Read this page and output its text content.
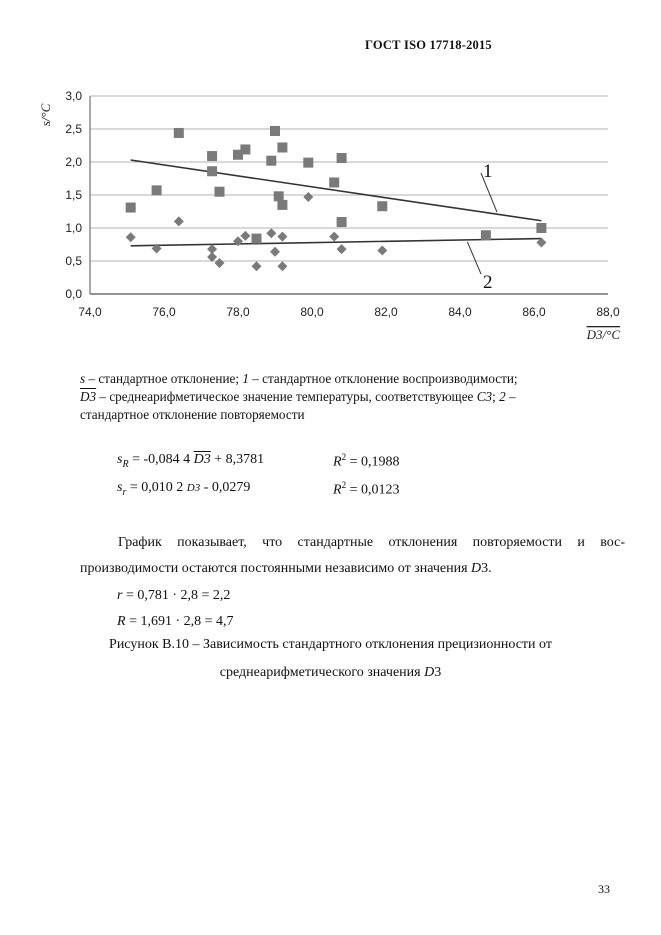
ГОСТ ISO 17718-2015
0,0
0,5
1,0
1,5
2,0
2,5
3,0
74,0	76,0	78,0	80,0	82,0	84,0	86,0	88,0
1
2
s/°C
D3/°C
s – стандартное отклонение; 1 – стандартное отклонение воспроизводимости;
D3 – среднеарифметическое значение температуры, соответствующее C3; 2 –
стандартное отклонение повторяемости
$s_R = -0,084$ 4 D3 + 8,3781	$R^2 = 0,1988$
$s_r = 0,010$ 2 D3 - 0,0279	$R^2 = 0,0123$
График показывает, что стандартные отклонения повторяемости и вос-
производимости остаются постоянными независимо от значения D3.
r = 0,781 · 2,8 = 2,2
R = 1,691 · 2,8 = 4,7
Рисунок В.10 – Зависимость стандартного отклонения прецизионности от
среднеарифметического значения D3
33
